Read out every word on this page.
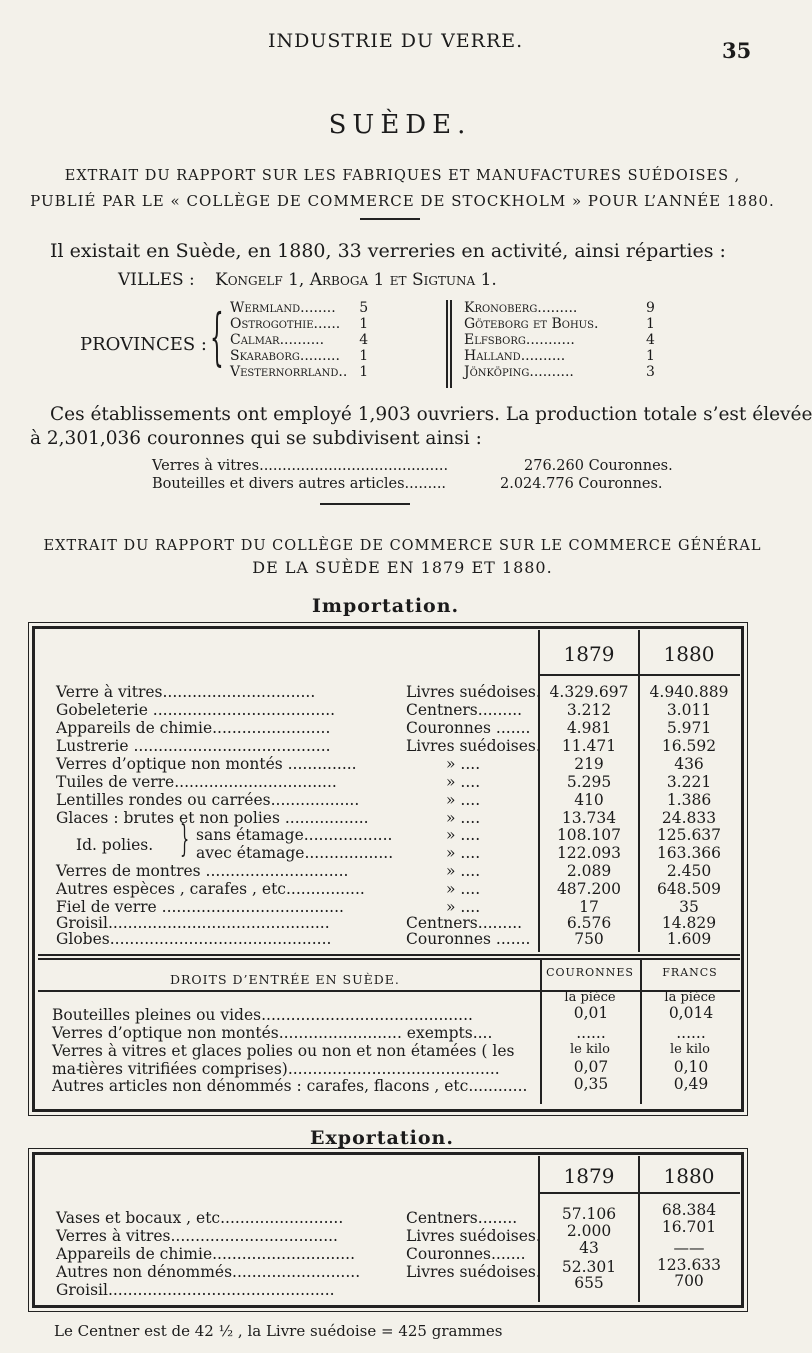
INDUSTRIE DU VERRE.	35
SUÈDE.
EXTRAIT DU RAPPORT SUR LES FABRIQUES ET MANUFACTURES SUÉDOISES ,
PUBLIÉ PAR LE « COLLÈGE DE COMMERCE DE STOCKHOLM » POUR L’ANNÉE 1880.
Il existait en Suède, en 1880, 33 verreries en activité, ainsi réparties :
VILLES : Kongelf 1, Arboga 1 et Sigtuna 1.
PROVINCES : { Wermland........	5
Ostrogothie......	1
Calmar..........	4
Skaraborg.........	1
Vesternorrland..	1
Kronoberg.........	9
Göteborg et Bohus.	1
Elfsborg...........	4
Halland..........	1
Jönköping..........	3
Ces établissements ont employé 1,903 ouvriers. La production totale s’est élevée
à 2,301,036 couronnes qui se subdivisent ainsi :
Verres à vitres.........................................	276.260 Couronnes.
Bouteilles et divers autres articles.........	2.024.776 Couronnes.
EXTRAIT DU RAPPORT DU COLLÈGE DE COMMERCE SUR LE COMMERCE GÉNÉRAL
DE LA SUÈDE EN 1879 ET 1880.
Importation.
1879	1880
Verre à vitres...............................	Livres suédoises. 4.329.697	4.940.889
Gobeleterie .....................................	Centners.........	3.212	3.011
Appareils de chimie........................	Couronnes .......	4.981	5.971
Lustrerie ........................................	Livres suédoises.	11.471	16.592
Verres d’optique non montés ..............	» ....	219	436
Tuiles de verre.................................	» ....	5.295	3.221
Lentilles rondes ou carrées..................	» ....	410	1.386
Glaces : brutes et non polies .................	» ....	13.734	24.833
Id. polies. } sans étamage..................	» ....	108.107	125.637
avec étamage..................	» ....	122.093	163.366
Verres de montres .............................	» ....	2.089	2.450
Autres espèces , carafes , etc................	» ....	487.200	648.509
Fiel de verre .....................................	» ....	17	35
Groisil.............................................	Centners.........	6.576	14.829
Globes.............................................	Couronnes .......	750	1.609
DROITS D’ENTRÉE EN SUÈDE.	COURONNES	FRANCS
la pièce	la pièce
Bouteilles pleines ou vides...........................................	0,01	0,014
Verres d’optique non montés......................... exempts....	......	......
le kilo	le kilo
Verres à vitres et glaces polies ou non et non étamées ( les ma-
tières vitrifiées comprises)...........................................	0,07	0,10
Autres articles non dénommés : carafes, flacons , etc............	0,35	0,49
Exportation.
1879	1880
Vases et bocaux , etc.........................	Centners........	57.106	68.384
Verres à vitres..................................	Livres suédoises.	2.000	16.701
Appareils de chimie.............................	Couronnes.......	43	——
Autres non dénommés..........................	Livres suédoises.	52.301	123.633
Groisil..............................................	655	700
Le Centner est de 42 ½ , la Livre suédoise = 425 grammes
